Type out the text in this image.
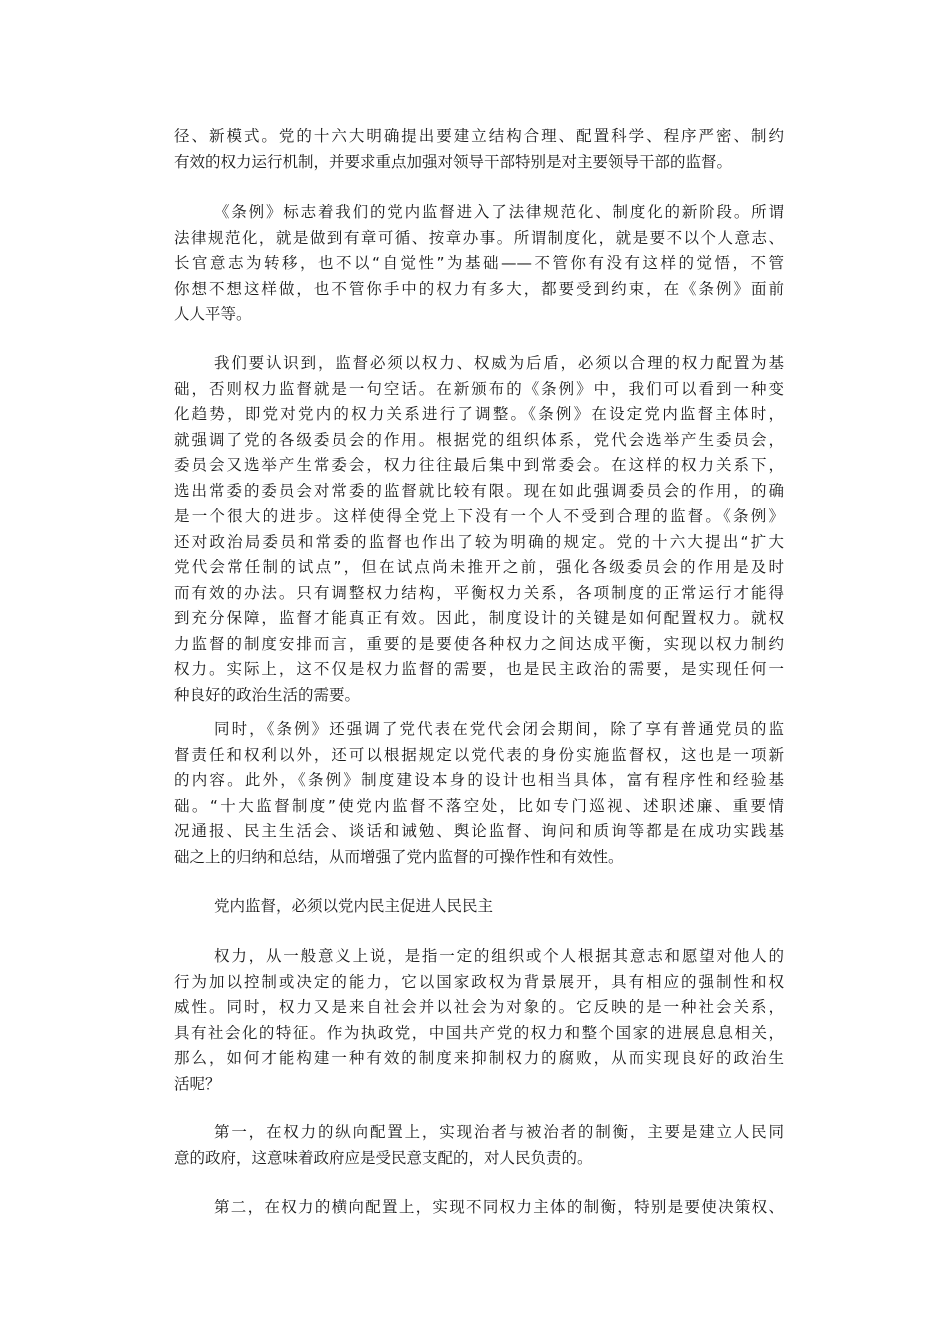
径、新模式。党的十六大明确提出要建立结构合理、配置科学、程序严密、制约
有效的权力运行机制，并要求重点加强对领导干部特别是对主要领导干部的监督。
《条例》标志着我们的党内监督进入了法律规范化、制度化的新阶段。所谓
法律规范化，就是做到有章可循、按章办事。所谓制度化，就是要不以个人意志、
长官意志为转移，也不以“自觉性”为基础——不管你有没有这样的觉悟，不管
你想不想这样做，也不管你手中的权力有多大，都要受到约束，在《条例》面前
人人平等。
我们要认识到，监督必须以权力、权威为后盾，必须以合理的权力配置为基
础，否则权力监督就是一句空话。在新颁布的《条例》中，我们可以看到一种变
化趋势，即党对党内的权力关系进行了调整。《条例》在设定党内监督主体时，
就强调了党的各级委员会的作用。根据党的组织体系，党代会选举产生委员会，
委员会又选举产生常委会，权力往往最后集中到常委会。在这样的权力关系下，
选出常委的委员会对常委的监督就比较有限。现在如此强调委员会的作用，的确
是一个很大的进步。这样使得全党上下没有一个人不受到合理的监督。《条例》
还对政治局委员和常委的监督也作出了较为明确的规定。党的十六大提出“扩大
党代会常任制的试点”，但在试点尚未推开之前，强化各级委员会的作用是及时
而有效的办法。只有调整权力结构，平衡权力关系，各项制度的正常运行才能得
到充分保障，监督才能真正有效。因此，制度设计的关键是如何配置权力。就权
力监督的制度安排而言，重要的是要使各种权力之间达成平衡，实现以权力制约
权力。实际上，这不仅是权力监督的需要，也是民主政治的需要，是实现任何一
种良好的政治生活的需要。
同时，《条例》还强调了党代表在党代会闭会期间，除了享有普通党员的监
督责任和权利以外，还可以根据规定以党代表的身份实施监督权，这也是一项新
的内容。此外，《条例》制度建设本身的设计也相当具体，富有程序性和经验基
础。“十大监督制度”使党内监督不落空处，比如专门巡视、述职述廉、重要情
况通报、民主生活会、谈话和诫勉、舆论监督、询问和质询等都是在成功实践基
础之上的归纳和总结，从而增强了党内监督的可操作性和有效性。
党内监督，必须以党内民主促进人民民主
权力，从一般意义上说，是指一定的组织或个人根据其意志和愿望对他人的
行为加以控制或决定的能力，它以国家政权为背景展开，具有相应的强制性和权
威性。同时，权力又是来自社会并以社会为对象的。它反映的是一种社会关系，
具有社会化的特征。作为执政党，中国共产党的权力和整个国家的进展息息相关，
那么，如何才能构建一种有效的制度来抑制权力的腐败，从而实现良好的政治生
活呢？
第一，在权力的纵向配置上，实现治者与被治者的制衡，主要是建立人民同
意的政府，这意味着政府应是受民意支配的，对人民负责的。
第二，在权力的横向配置上，实现不同权力主体的制衡，特别是要使决策权、
